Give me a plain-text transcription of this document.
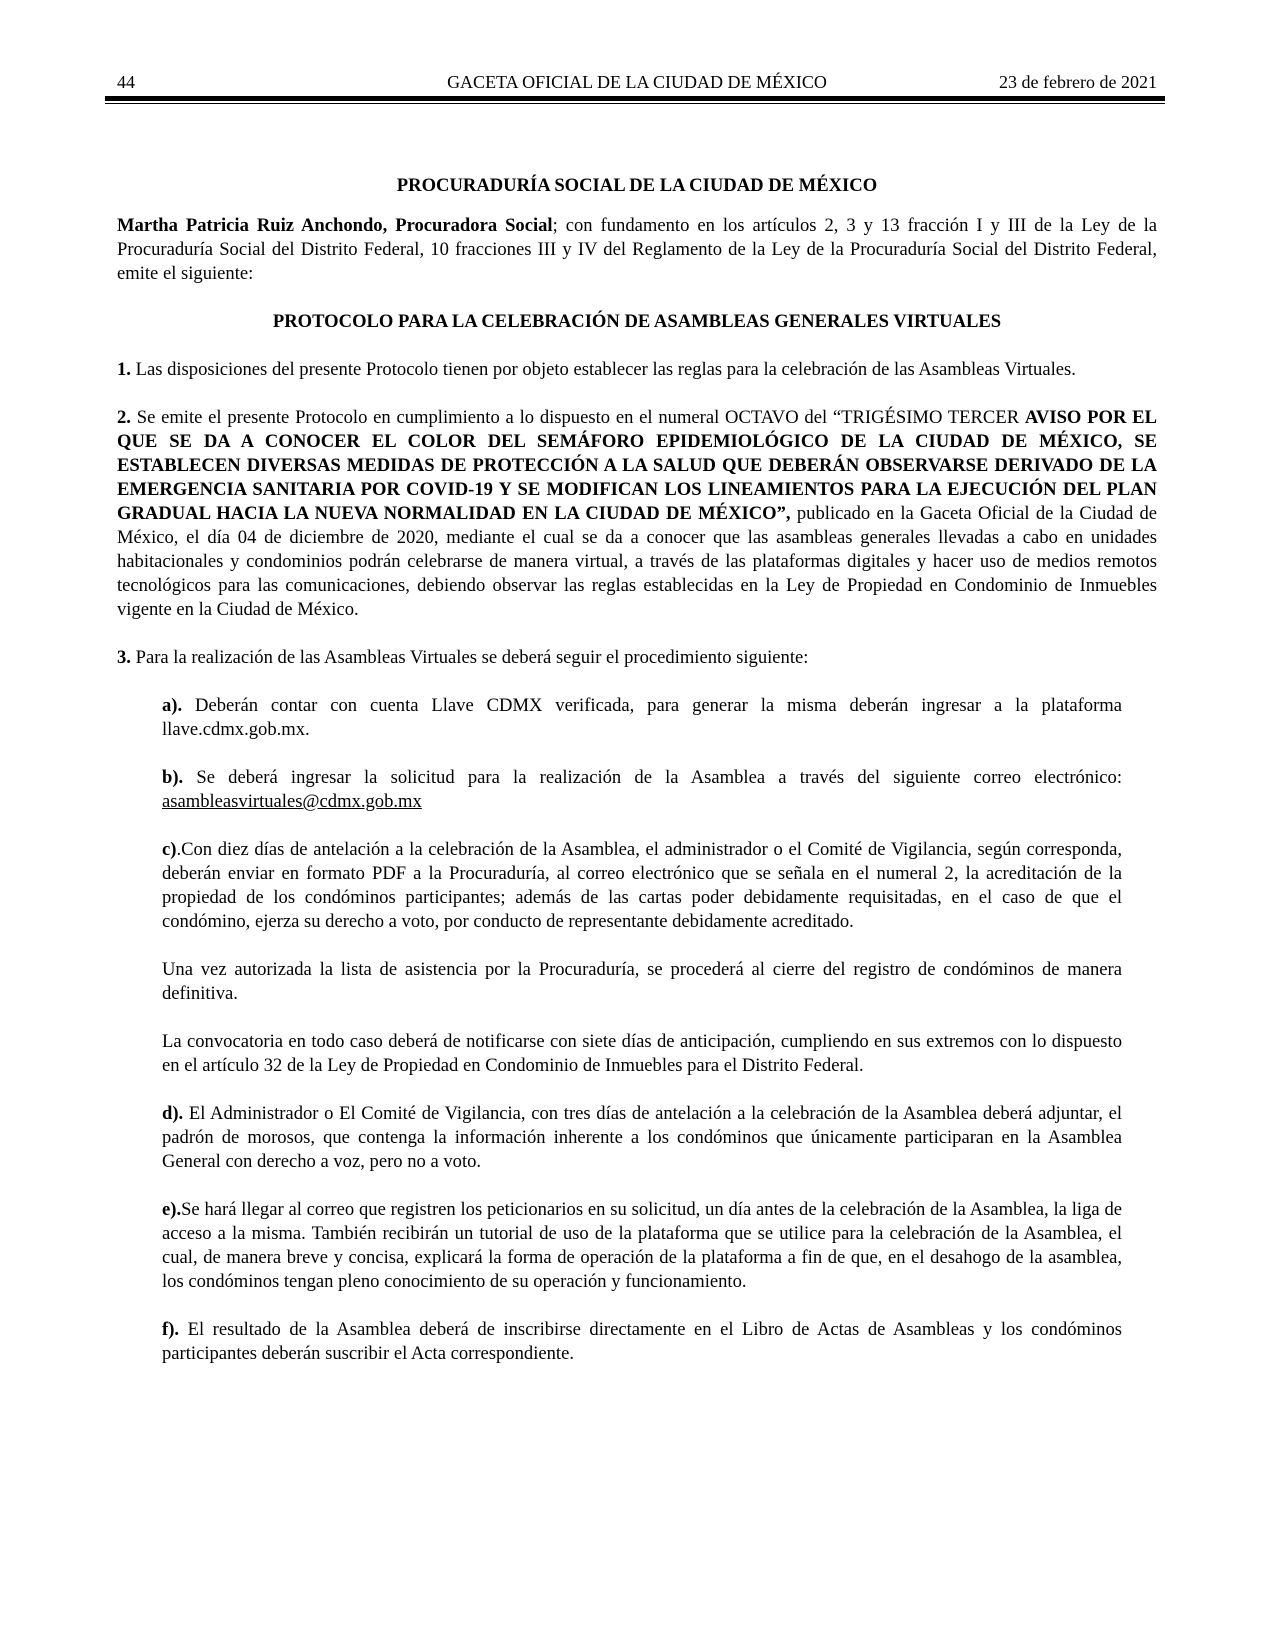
44	GACETA OFICIAL DE LA CIUDAD DE MÉXICO	23 de febrero de 2021

PROCURADURÍA SOCIAL DE LA CIUDAD DE MÉXICO

Martha Patricia Ruiz Anchondo, Procuradora Social; con fundamento en los artículos 2, 3 y 13 fracción I y III de la Ley de la Procuraduría Social del Distrito Federal, 10 fracciones III y IV del Reglamento de la Ley de la Procuraduría Social del Distrito Federal, emite el siguiente:

PROTOCOLO PARA LA CELEBRACIÓN DE ASAMBLEAS GENERALES VIRTUALES

1. Las disposiciones del presente Protocolo tienen por objeto establecer las reglas para la celebración de las Asambleas Virtuales.

2. Se emite el presente Protocolo en cumplimiento a lo dispuesto en el numeral OCTAVO del “TRIGÉSIMO TERCER AVISO POR EL QUE SE DA A CONOCER EL COLOR DEL SEMÁFORO EPIDEMIOLÓGICO DE LA CIUDAD DE MÉXICO, SE ESTABLECEN DIVERSAS MEDIDAS DE PROTECCIÓN A LA SALUD QUE DEBERÁN OBSERVARSE DERIVADO DE LA EMERGENCIA SANITARIA POR COVID-19 Y SE MODIFICAN LOS LINEAMIENTOS PARA LA EJECUCIÓN DEL PLAN GRADUAL HACIA LA NUEVA NORMALIDAD EN LA CIUDAD DE MÉXICO”, publicado en la Gaceta Oficial de la Ciudad de México, el día 04 de diciembre de 2020, mediante el cual se da a conocer que las asambleas generales llevadas a cabo en unidades habitacionales y condominios podrán celebrarse de manera virtual, a través de las plataformas digitales y hacer uso de medios remotos tecnológicos para las comunicaciones, debiendo observar las reglas establecidas en la Ley de Propiedad en Condominio de Inmuebles vigente en la Ciudad de México.

3. Para la realización de las Asambleas Virtuales se deberá seguir el procedimiento siguiente:

a). Deberán contar con cuenta Llave CDMX verificada, para generar la misma deberán ingresar a la plataforma llave.cdmx.gob.mx.

b). Se deberá ingresar la solicitud para la realización de la Asamblea a través del siguiente correo electrónico: asambleasvirtuales@cdmx.gob.mx

c).Con diez días de antelación a la celebración de la Asamblea, el administrador o el Comité de Vigilancia, según corresponda, deberán enviar en formato PDF a la Procuraduría, al correo electrónico que se señala en el numeral 2, la acreditación de la propiedad de los condóminos participantes; además de las cartas poder debidamente requisitadas, en el caso de que el condómino, ejerza su derecho a voto, por conducto de representante debidamente acreditado.

Una vez autorizada la lista de asistencia por la Procuraduría, se procederá al cierre del registro de condóminos de manera definitiva.

La convocatoria en todo caso deberá de notificarse con siete días de anticipación, cumpliendo en sus extremos con lo dispuesto en el artículo 32 de la Ley de Propiedad en Condominio de Inmuebles para el Distrito Federal.

d). El Administrador o El Comité de Vigilancia, con tres días de antelación a la celebración de la Asamblea deberá adjuntar, el padrón de morosos, que contenga la información inherente a los condóminos que únicamente participaran en la Asamblea General con derecho a voz, pero no a voto.

e).Se hará llegar al correo que registren los peticionarios en su solicitud, un día antes de la celebración de la Asamblea, la liga de acceso a la misma. También recibirán un tutorial de uso de la plataforma que se utilice para la celebración de la Asamblea, el cual, de manera breve y concisa, explicará la forma de operación de la plataforma a fin de que, en el desahogo de la asamblea, los condóminos tengan pleno conocimiento de su operación y funcionamiento.

f). El resultado de la Asamblea deberá de inscribirse directamente en el Libro de Actas de Asambleas y los condóminos participantes deberán suscribir el Acta correspondiente.
